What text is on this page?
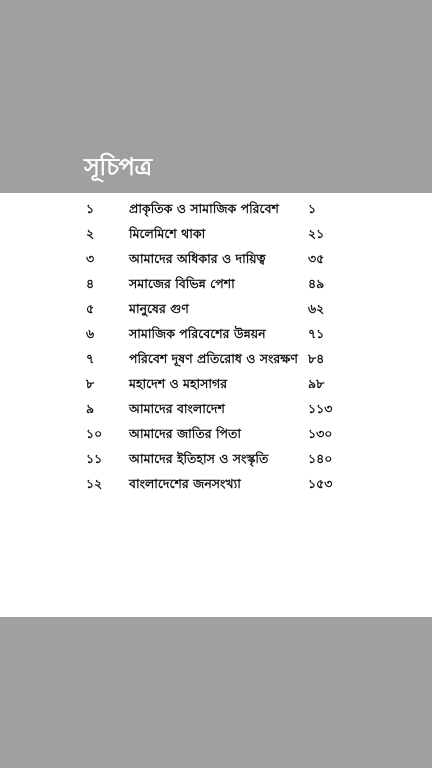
সূচিপত্র
১	প্রাকৃতিক ও সামাজিক পরিবেশ ১
২	মিলেমিশে থাকা	২১
৩	আমাদের অধিকার ও দায়িত্ব	৩৫
৪	সমাজের বিভিন্ন পেশা	৪৯
৫	মানুষের গুণ	৬২
৬	সামাজিক পরিবেশের উন্নয়ন	৭১
৭	পরিবেশ দূষণ প্রতিরোধ ও সংরক্ষণ ৮৪
৮	মহাদেশ ও মহাসাগর	৯৮
৯	আমাদের বাংলাদেশ	১১৩
১০ আমাদের জাতির পিতা	১৩০
১১ আমাদের ইতিহাস ও সংস্কৃতি	১৪০
১২ বাংলাদেশের জনসংখ্যা	১৫৩
